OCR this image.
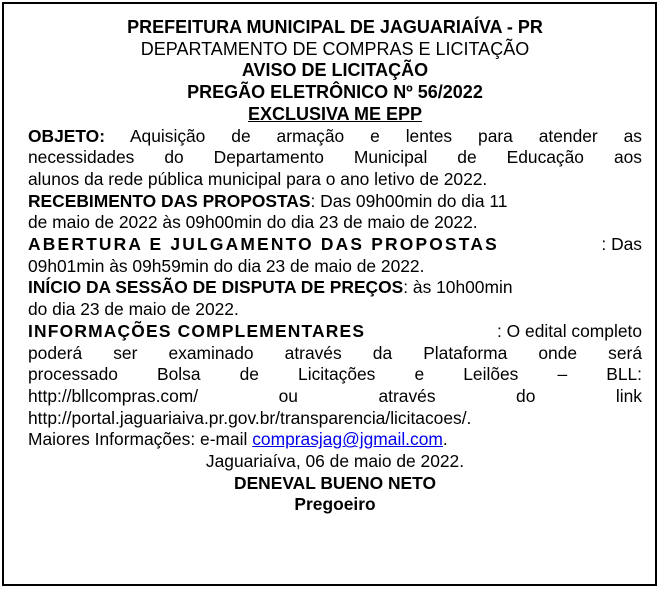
PREFEITURA MUNICIPAL DE JAGUARIAÍVA - PR
DEPARTAMENTO DE COMPRAS E LICITAÇÃO
AVISO DE LICITAÇÃO
PREGÃO ELETRÔNICO Nº 56/2022
EXCLUSIVA ME EPP
OBJETO: Aquisição de armação e lentes para atender as
necessidades do Departamento Municipal de Educação aos
alunos da rede pública municipal para o ano letivo de 2022.
RECEBIMENTO DAS PROPOSTAS: Das 09h00min do dia 11
de maio de 2022 às 09h00min do dia 23 de maio de 2022.
ABERTURA E JULGAMENTO DAS PROPOSTAS	: Das
09h01min às 09h59min do dia 23 de maio de 2022.
INÍCIO DA SESSÃO DE DISPUTA DE PREÇOS: às 10h00min
do dia 23 de maio de 2022.
INFORMAÇÕES COMPLEMENTARES	: O edital completo
poderá ser examinado através da Plataforma onde será
processado Bolsa de Licitações e Leilões – BLL:
http://bllcompras.com/	ou	através	do	link
http://portal.jaguariaiva.pr.gov.br/transparencia/licitacoes/.
Maiores Informações: e-mail comprasjag@jgmail.com.
Jaguariaíva, 06 de maio de 2022.
DENEVAL BUENO NETO
Pregoeiro
